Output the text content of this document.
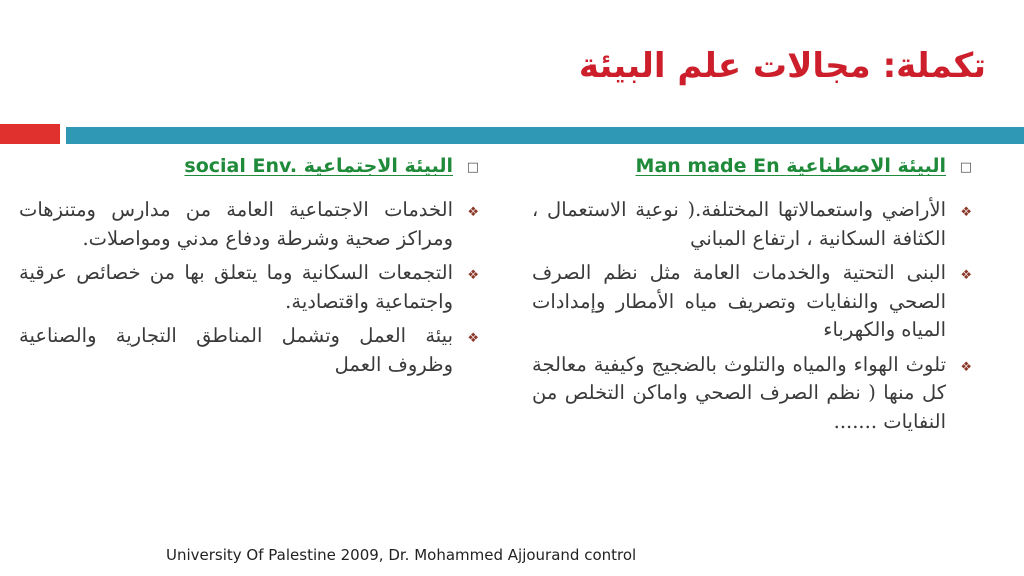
تكملة: مجالات علم البيئة
□
البيئة الاصطناعية Man made En
❖
الأراضي واستعمالاتها المختلفة.( نوعية الاستعمال ، الكثافة السكانية ، ارتفاع المباني
❖
البنى التحتية والخدمات العامة مثل نظم الصرف الصحي والنفايات وتصريف مياه الأمطار وإمدادات المياه والكهرباء
❖
تلوث الهواء والمياه والتلوث بالضجيج وكيفية معالجة كل منها ( نظم الصرف الصحي واماكن التخلص من النفايات .......
□
البيئة الاجتماعية social Env.
❖
الخدمات الاجتماعية العامة من مدارس ومتنزهات ومراكز صحية وشرطة ودفاع مدني ومواصلات.
❖
التجمعات السكانية وما يتعلق بها من خصائص عرقية واجتماعية واقتصادية.
❖
بيئة العمل وتشمل المناطق التجارية والصناعية وظروف العمل
University Of Palestine 2009, Dr. Mohammed Ajjourand control
